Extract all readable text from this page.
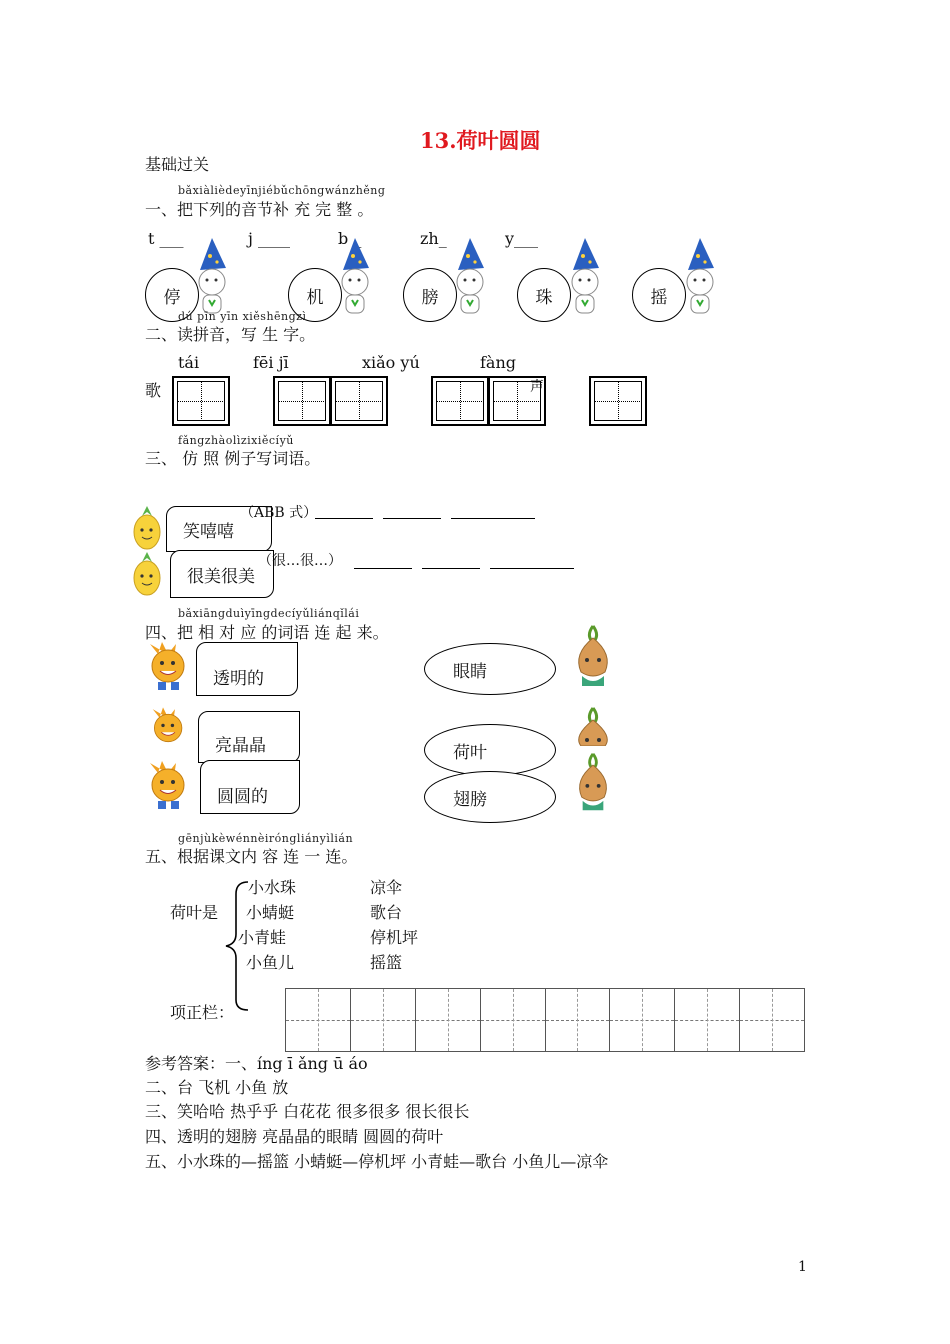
13.荷叶圆圆
基础过关
bǎxiàlièdeyīnjiébǔchōngwánzhěng
一、把下列的音节补 充 完 整 。
t ___	j ____	b _	zh_	y___
停	机	膀	珠	摇
dú pīn yīn xiěshēngzì
二、读拼音，写 生 字。
tái	fēi jī	xiǎo yú	fàng
歌	声
fǎngzhàolìzixiěcíyǔ
三、 仿 照 例子写词语。
笑嘻嘻
（ABB 式）

很美很美
（很…很…）

bǎxiāngduìyīngdecíyǔliánqǐlái
四、把 相 对 应 的词语 连 起 来。
透明的
亮晶晶
圆圆的
眼睛
荷叶
翅膀
gēnjùkèwénnèiróngliányìlián
五、根据课文内 容 连 一 连。
荷叶是
小水珠
小蜻蜓
小青蛙
小鱼儿
凉伞
歌台
停机坪
摇篮
项正栏：
参考答案：一、íng ī ǎng ū áo
二、台 飞机 小鱼 放
三、笑哈哈 热乎乎 白花花 很多很多 很长很长
四、透明的翅膀 亮晶晶的眼睛 圆圆的荷叶
五、小水珠的—摇篮 小蜻蜓—停机坪 小青蛙—歌台 小鱼儿—凉伞
1
